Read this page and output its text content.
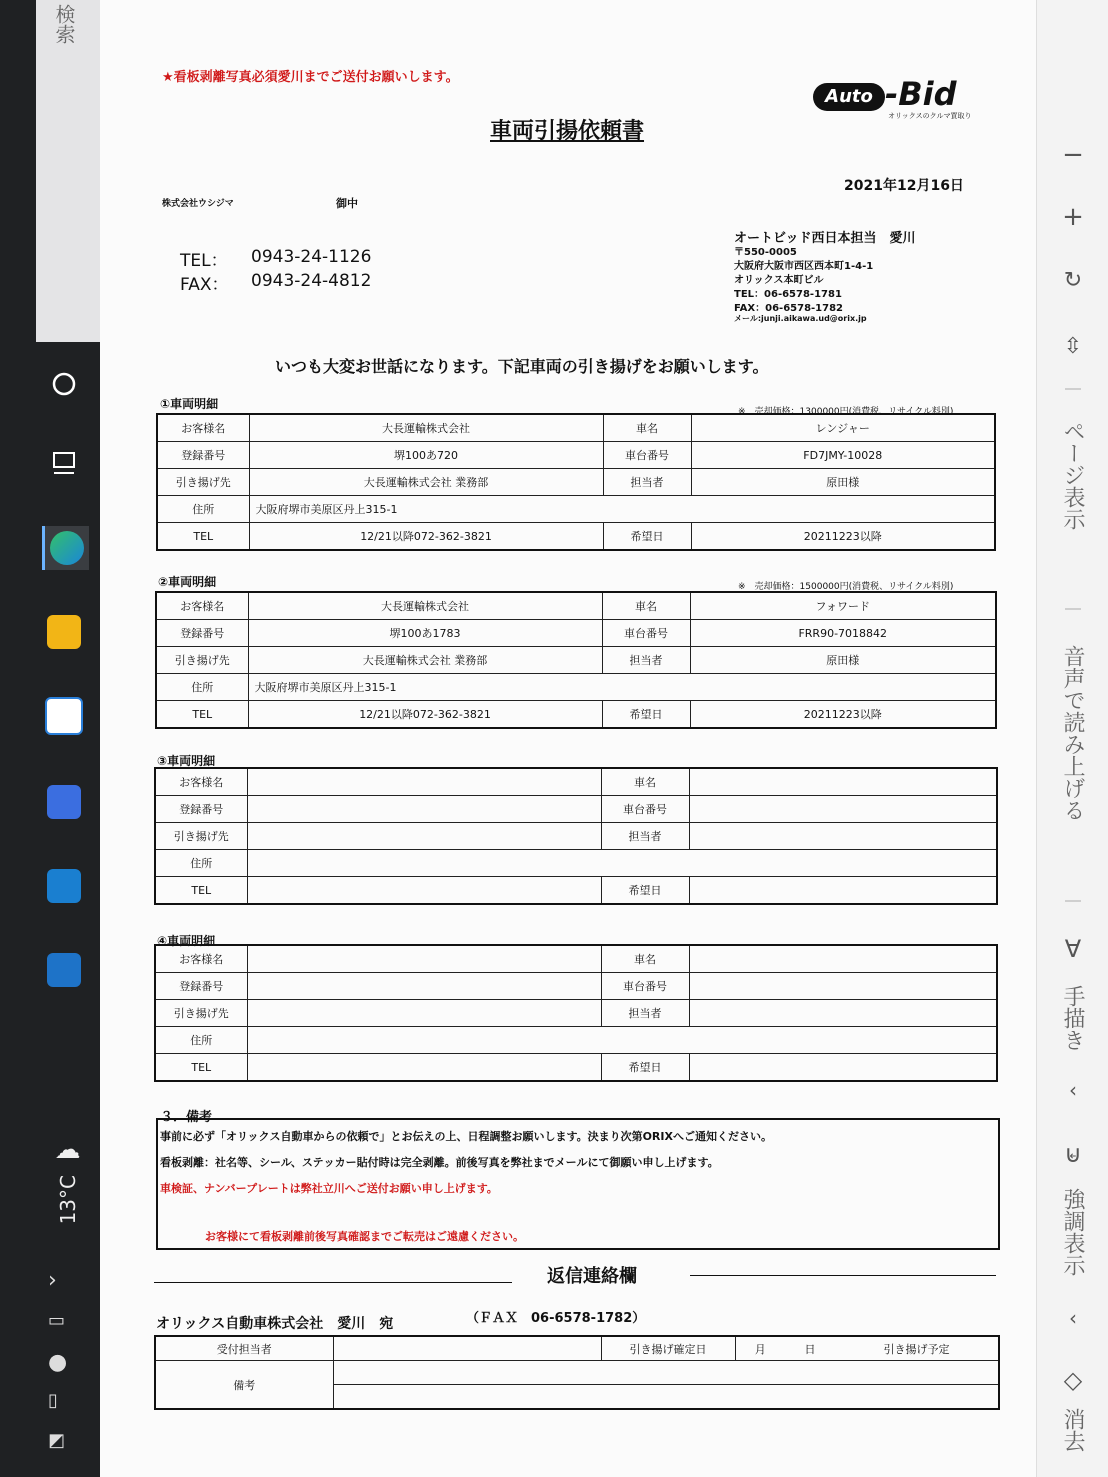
検索
☁
13°C
›
▭
●
▯
◩
−
+
↻
⇳
ページ表示
音声で読み上げる
∀
手描き
‹
⊌
強調表示
‹
◇
消去
★看板剥離写真必須愛川までご送付お願いします。
Auto -Bid
オリックスのクルマ買取り
車両引揚依頼書
2021年12月16日
株式会社ウシジマ	御中
TEL： 0943-24-1126
FAX： 0943-24-4812
オートビッド西日本担当　愛川
〒550-0005
大阪府大阪市西区西本町1-4-1
オリックス本町ビル
TEL：06-6578-1781
FAX：06-6578-1782
メール:junji.aikawa.ud@orix.jp
いつも大変お世話になります。下記車両の引き揚げをお願いします。
①車両明細
※　売却価格：1300000円(消費税、リサイクル料別)
お客様名	大長運輸株式会社	車名	レンジャー
登録番号	堺100あ720	車台番号	FD7JMY-10028
引き揚げ先	大長運輸株式会社 業務部	担当者	原田様
住所	大阪府堺市美原区丹上315-1		
TEL	12/21以降072-362-3821	希望日	20211223以降
②車両明細	※　売却価格：1500000円(消費税、リサイクル料別)
お客様名	大長運輸株式会社	車名	フォワード
登録番号	堺100あ1783	車台番号	FRR90-7018842
引き揚げ先	大長運輸株式会社 業務部	担当者	原田様
住所	大阪府堺市美原区丹上315-1		
TEL	12/21以降072-362-3821	希望日	20211223以降
③車両明細
お客様名		車名	
登録番号		車台番号	
引き揚げ先		担当者	
住所			
TEL		希望日	
④車両明細
お客様名		車名	
登録番号		車台番号	
引き揚げ先		担当者	
住所			
TEL		希望日	
３．備考
事前に必ず「オリックス自動車からの依頼で」とお伝えの上、日程調整お願いします。決まり次第ORIXへご通知ください。
看板剥離：社名等、シール、ステッカー貼付時は完全剥離。前後写真を弊社までメールにて御願い申し上げます。
車検証、ナンバープレートは弊社立川へご送付お願い申し上げます。
お客様にて看板剥離前後写真確認までご転売はご遠慮ください。
返信連絡欄
オリックス自動車株式会社　愛川　宛	（ＦＡＸ　06-6578-1782）
受付担当者		引き揚げ確定日	月	日	引き揚げ予定
備考					
